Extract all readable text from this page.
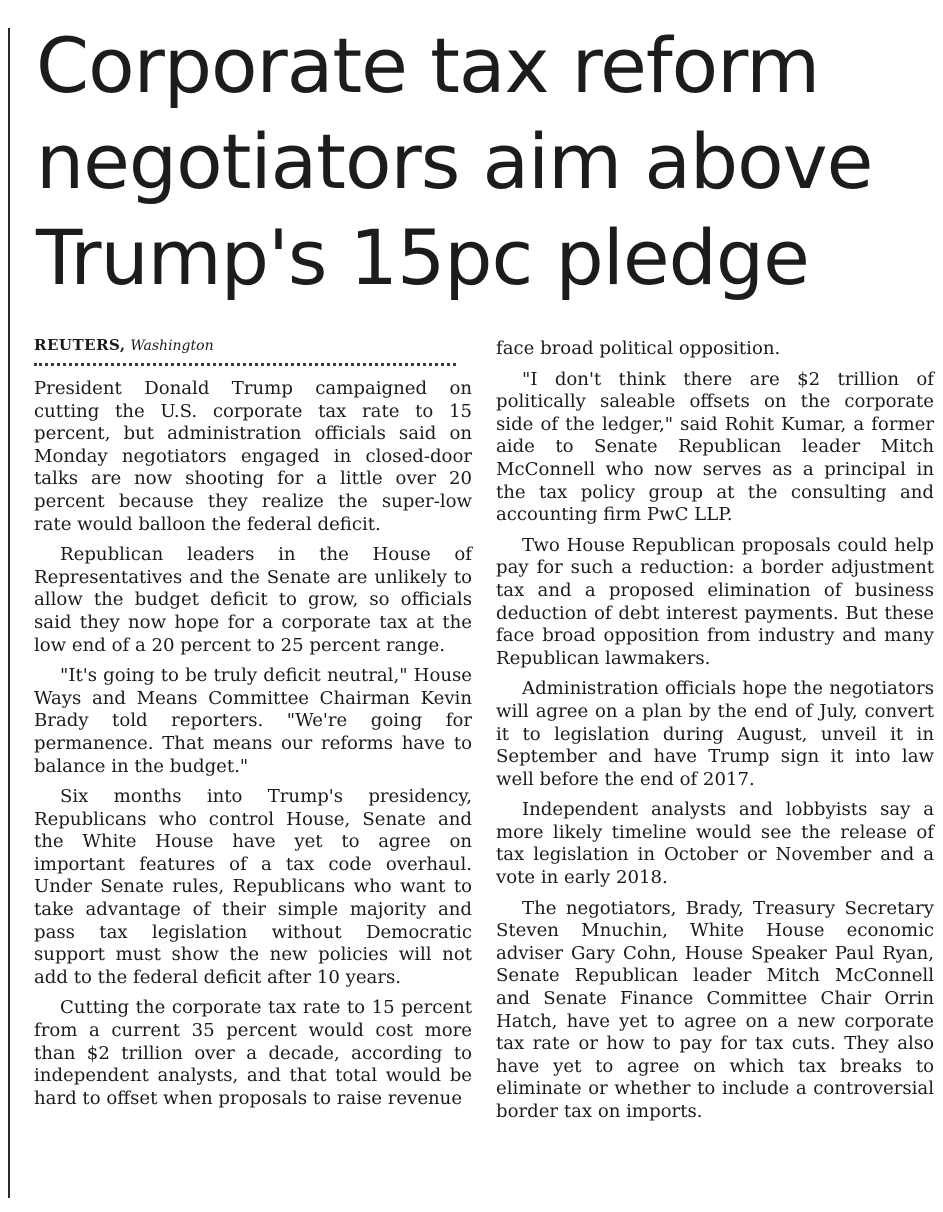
Corporate tax reform
negotiators aim above
Trump's 15pc pledge
REUTERS, Washington

President Donald Trump campaigned on cutting the U.S. corporate tax rate to 15 percent, but administration officials said on Monday negotiators engaged in closed-door talks are now shooting for a little over 20 percent because they realize the super-low rate would balloon the federal deficit.

Republican leaders in the House of Representatives and the Senate are unlikely to allow the budget deficit to grow, so officials said they now hope for a corporate tax at the low end of a 20 percent to 25 percent range.

"It's going to be truly deficit neutral," House Ways and Means Committee Chairman Kevin Brady told reporters. "We're going for permanence. That means our reforms have to balance in the budget."

Six months into Trump's presidency, Republicans who control House, Senate and the White House have yet to agree on important features of a tax code overhaul. Under Senate rules, Republicans who want to take advantage of their simple majority and pass tax legislation without Democratic support must show the new policies will not add to the federal deficit after 10 years.

Cutting the corporate tax rate to 15 percent from a current 35 percent would cost more than $2 trillion over a decade, according to independent analysts, and that total would be hard to offset when proposals to raise revenue

face broad political opposition.

"I don't think there are $2 trillion of politically saleable offsets on the corporate side of the ledger," said Rohit Kumar, a former aide to Senate Republican leader Mitch McConnell who now serves as a principal in the tax policy group at the consulting and accounting firm PwC LLP.

Two House Republican proposals could help pay for such a reduction: a border adjustment tax and a proposed elimination of business deduction of debt interest payments. But these face broad opposition from industry and many Republican lawmakers.

Administration officials hope the negotiators will agree on a plan by the end of July, convert it to legislation during August, unveil it in September and have Trump sign it into law well before the end of 2017.

Independent analysts and lobbyists say a more likely timeline would see the release of tax legislation in October or November and a vote in early 2018.

The negotiators, Brady, Treasury Secretary Steven Mnuchin, White House economic adviser Gary Cohn, House Speaker Paul Ryan, Senate Republican leader Mitch McConnell and Senate Finance Committee Chair Orrin Hatch, have yet to agree on a new corporate tax rate or how to pay for tax cuts. They also have yet to agree on which tax breaks to eliminate or whether to include a controversial border tax on imports.
